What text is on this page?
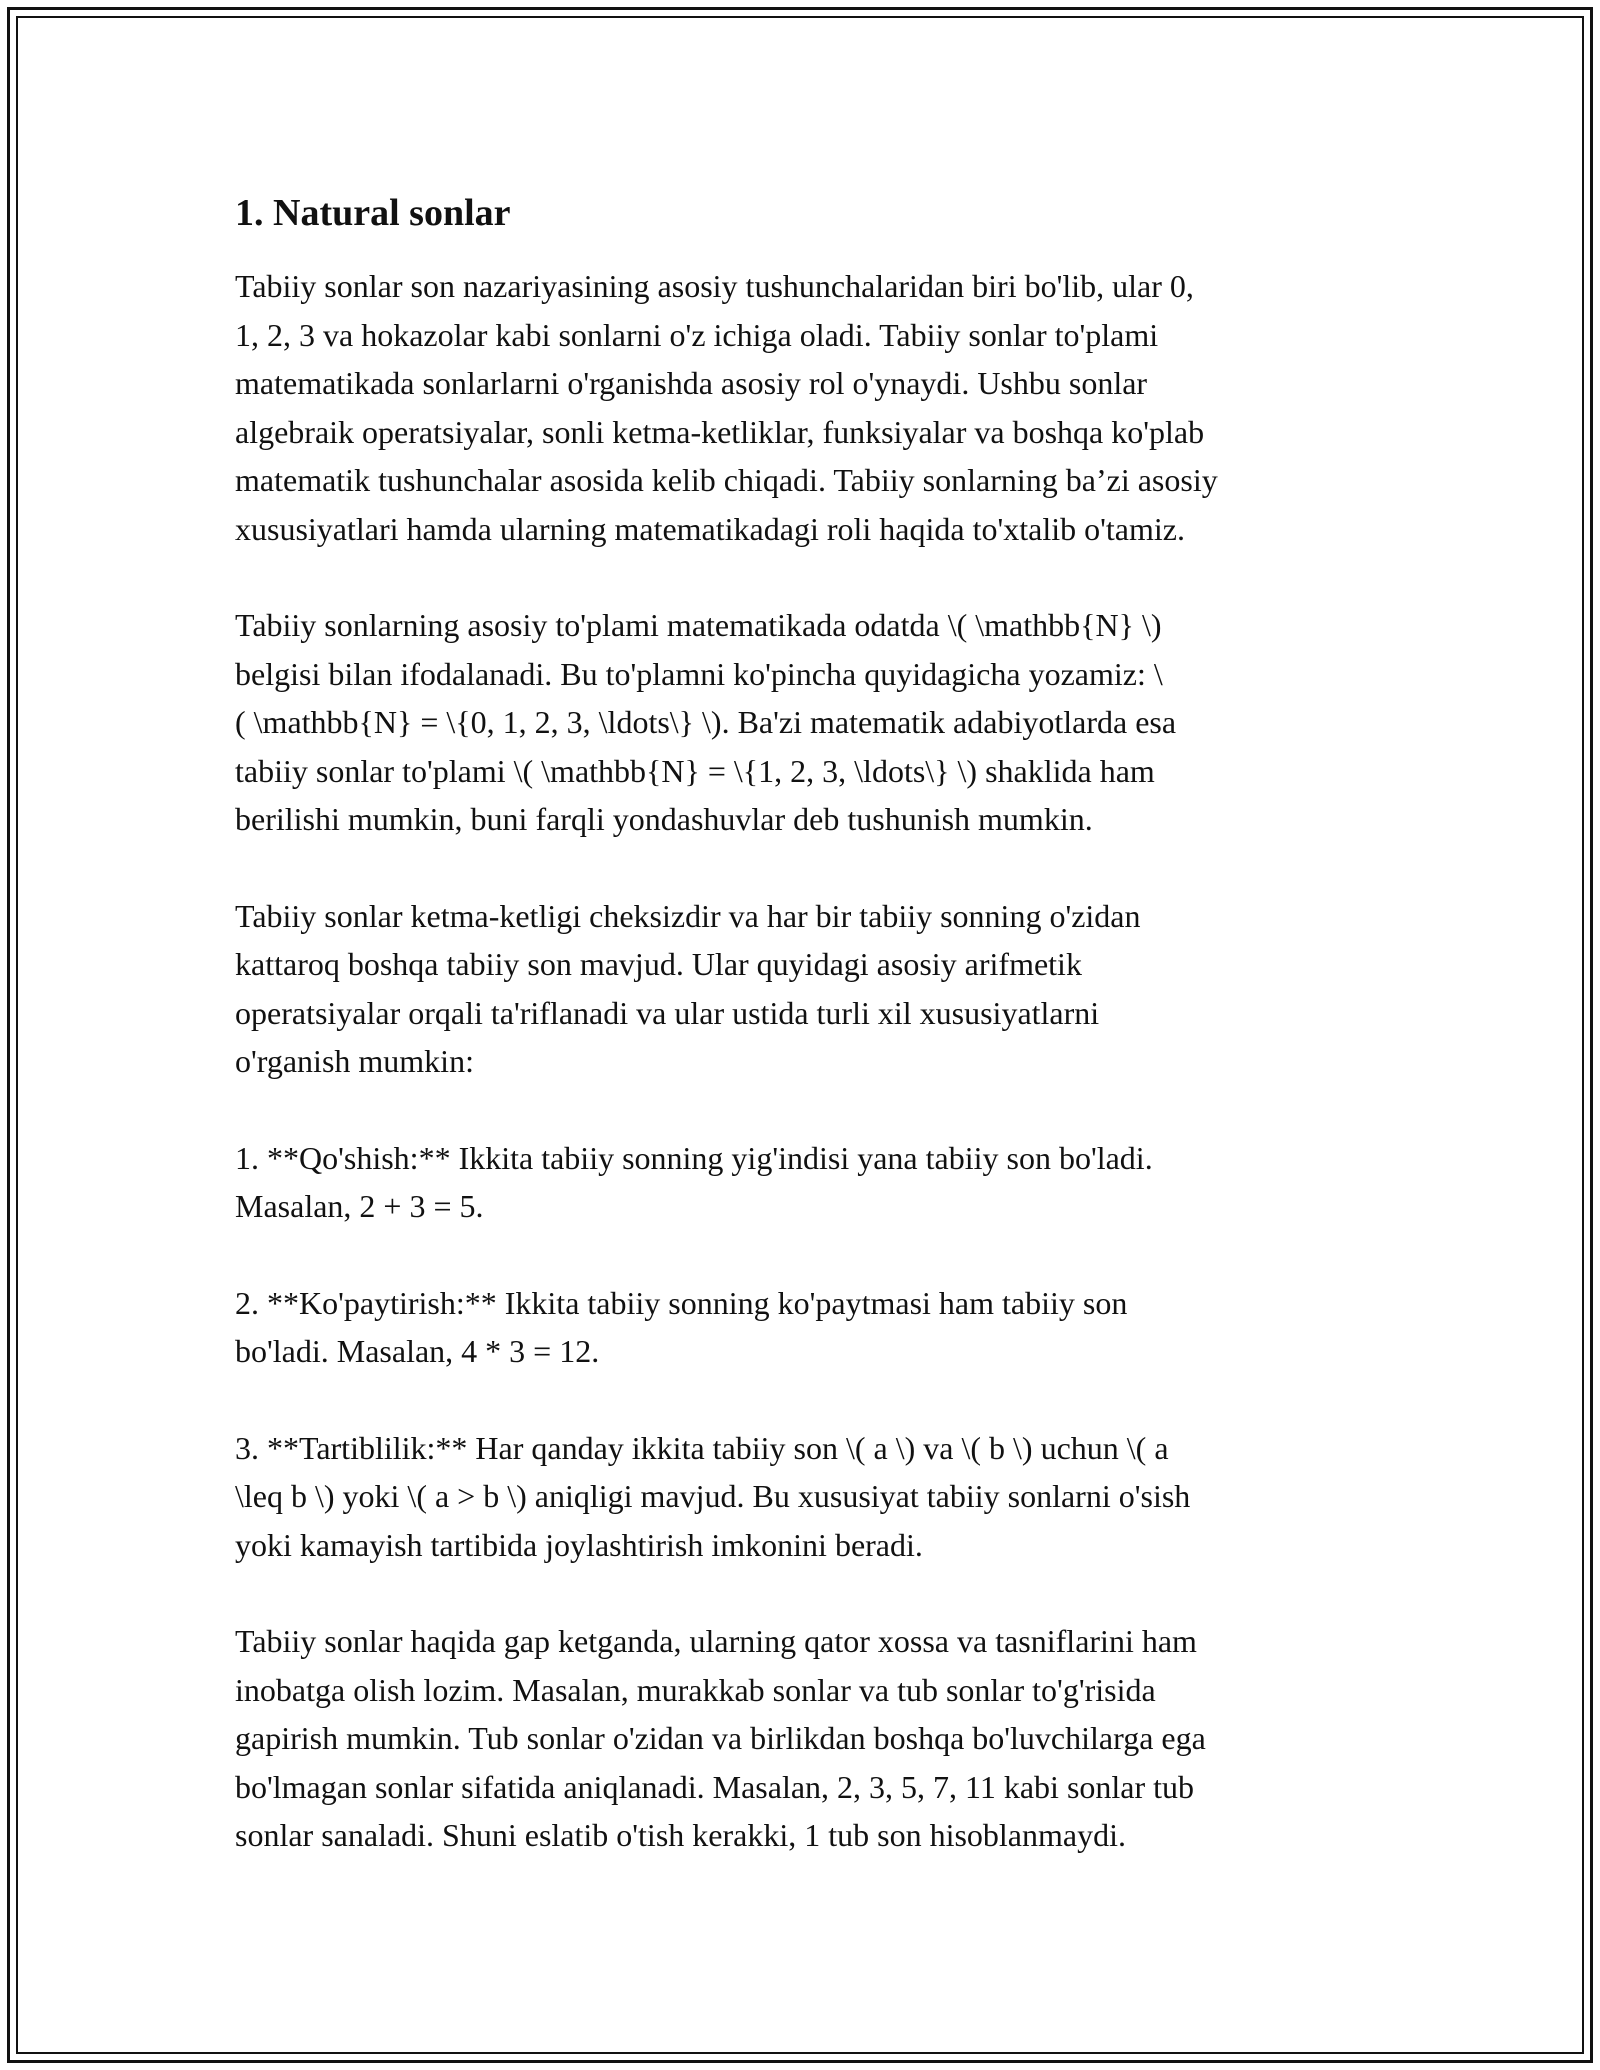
1. Natural sonlar

Tabiiy sonlar son nazariyasining asosiy tushunchalaridan biri bo'lib, ular 0,
1, 2, 3 va hokazolar kabi sonlarni o'z ichiga oladi. Tabiiy sonlar to'plami
matematikada sonlarlarni o'rganishda asosiy rol o'ynaydi. Ushbu sonlar
algebraik operatsiyalar, sonli ketma-ketliklar, funksiyalar va boshqa ko'plab
matematik tushunchalar asosida kelib chiqadi. Tabiiy sonlarning ba’zi asosiy
xususiyatlari hamda ularning matematikadagi roli haqida to'xtalib o'tamiz.

Tabiiy sonlarning asosiy to'plami matematikada odatda \( \mathbb{N} \)
belgisi bilan ifodalanadi. Bu to'plamni ko'pincha quyidagicha yozamiz: \
( \mathbb{N} = \{0, 1, 2, 3, \ldots\} \). Ba'zi matematik adabiyotlarda esa
tabiiy sonlar to'plami \( \mathbb{N} = \{1, 2, 3, \ldots\} \) shaklida ham
berilishi mumkin, buni farqli yondashuvlar deb tushunish mumkin.

Tabiiy sonlar ketma-ketligi cheksizdir va har bir tabiiy sonning o'zidan
kattaroq boshqa tabiiy son mavjud. Ular quyidagi asosiy arifmetik
operatsiyalar orqali ta'riflanadi va ular ustida turli xil xususiyatlarni
o'rganish mumkin:

1. **Qo'shish:** Ikkita tabiiy sonning yig'indisi yana tabiiy son bo'ladi.
Masalan, 2 + 3 = 5.

2. **Ko'paytirish:** Ikkita tabiiy sonning ko'paytmasi ham tabiiy son
bo'ladi. Masalan, 4 * 3 = 12.

3. **Tartiblilik:** Har qanday ikkita tabiiy son \( a \) va \( b \) uchun \( a
\leq b \) yoki \( a > b \) aniqligi mavjud. Bu xususiyat tabiiy sonlarni o'sish
yoki kamayish tartibida joylashtirish imkonini beradi.

Tabiiy sonlar haqida gap ketganda, ularning qator xossa va tasniflarini ham
inobatga olish lozim. Masalan, murakkab sonlar va tub sonlar to'g'risida
gapirish mumkin. Tub sonlar o'zidan va birlikdan boshqa bo'luvchilarga ega
bo'lmagan sonlar sifatida aniqlanadi. Masalan, 2, 3, 5, 7, 11 kabi sonlar tub
sonlar sanaladi. Shuni eslatib o'tish kerakki, 1 tub son hisoblanmaydi.
